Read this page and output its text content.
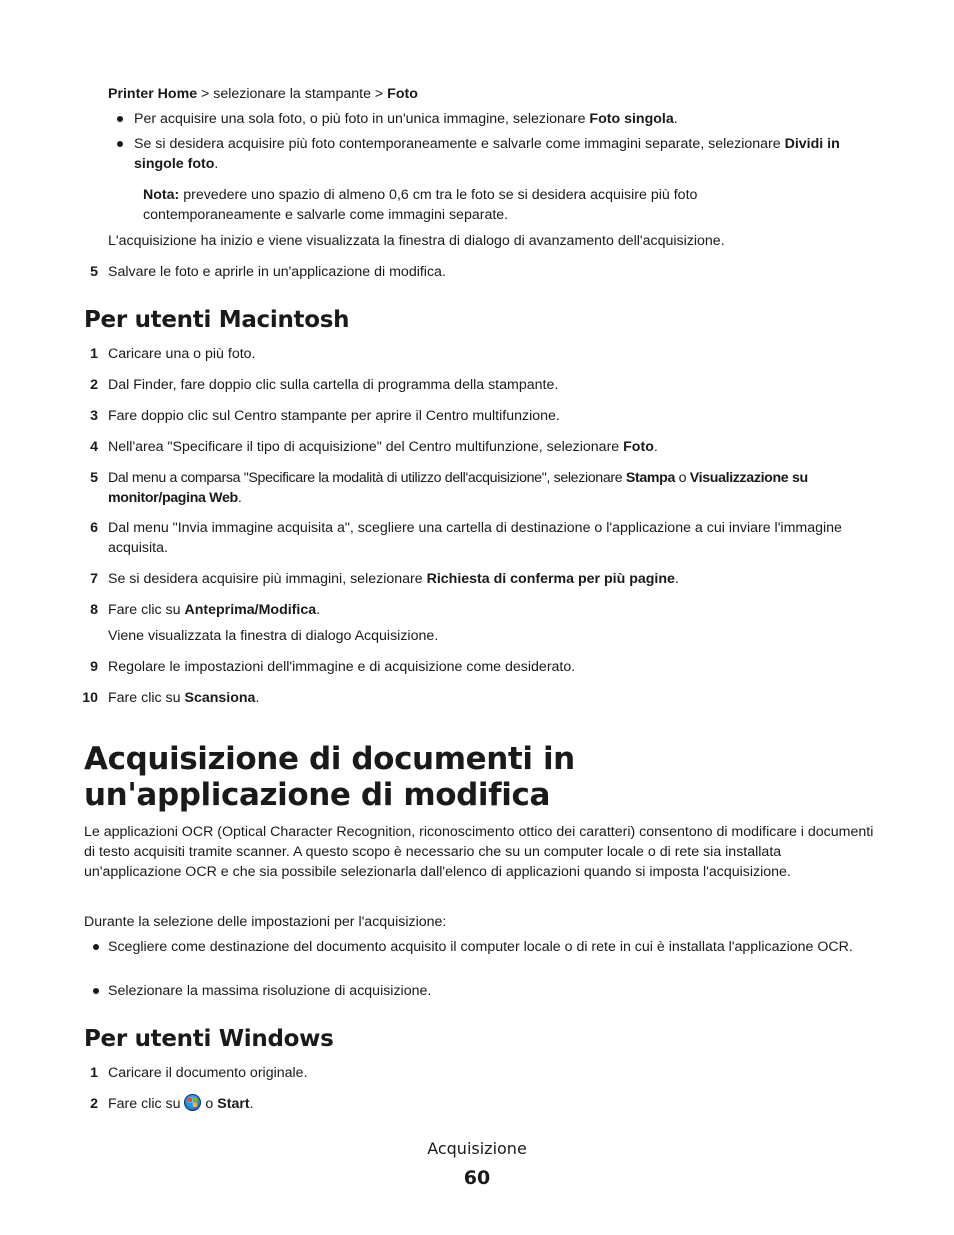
Printer Home > selezionare la stampante > Foto

Per acquisire una sola foto, o più foto in un'unica immagine, selezionare Foto singola.

Se si desidera acquisire più foto contemporaneamente e salvarle come immagini separate, selezionare Dividi in singole foto.

Nota: prevedere uno spazio di almeno 0,6 cm tra le foto se si desidera acquisire più foto contemporaneamente e salvarle come immagini separate.

L'acquisizione ha inizio e viene visualizzata la finestra di dialogo di avanzamento dell'acquisizione.

5 Salvare le foto e aprirle in un'applicazione di modifica.

Per utenti Macintosh
1 Caricare una o più foto.

2 Dal Finder, fare doppio clic sulla cartella di programma della stampante.

3 Fare doppio clic sul Centro stampante per aprire il Centro multifunzione.

4 Nell'area "Specificare il tipo di acquisizione" del Centro multifunzione, selezionare Foto.

5 Dal menu a comparsa "Specificare la modalità di utilizzo dell'acquisizione", selezionare Stampa o Visualizzazione su monitor/pagina Web.

6 Dal menu "Invia immagine acquisita a", scegliere una cartella di destinazione o l'applicazione a cui inviare l'immagine acquisita.

7 Se si desidera acquisire più immagini, selezionare Richiesta di conferma per più pagine.

8 Fare clic su Anteprima/Modifica.

Viene visualizzata la finestra di dialogo Acquisizione.

9 Regolare le impostazioni dell'immagine e di acquisizione come desiderato.

10 Fare clic su Scansiona.

Acquisizione di documenti in un'applicazione di modifica

Le applicazioni OCR (Optical Character Recognition, riconoscimento ottico dei caratteri) consentono di modificare i documenti di testo acquisiti tramite scanner. A questo scopo è necessario che su un computer locale o di rete sia installata un'applicazione OCR e che sia possibile selezionarla dall'elenco di applicazioni quando si imposta l'acquisizione.

Durante la selezione delle impostazioni per l'acquisizione:

Scegliere come destinazione del documento acquisito il computer locale o di rete in cui è installata l'applicazione OCR.

Selezionare la massima risoluzione di acquisizione.

Per utenti Windows
1 Caricare il documento originale.

2 Fare clic su  o Start.

Acquisizione
60
